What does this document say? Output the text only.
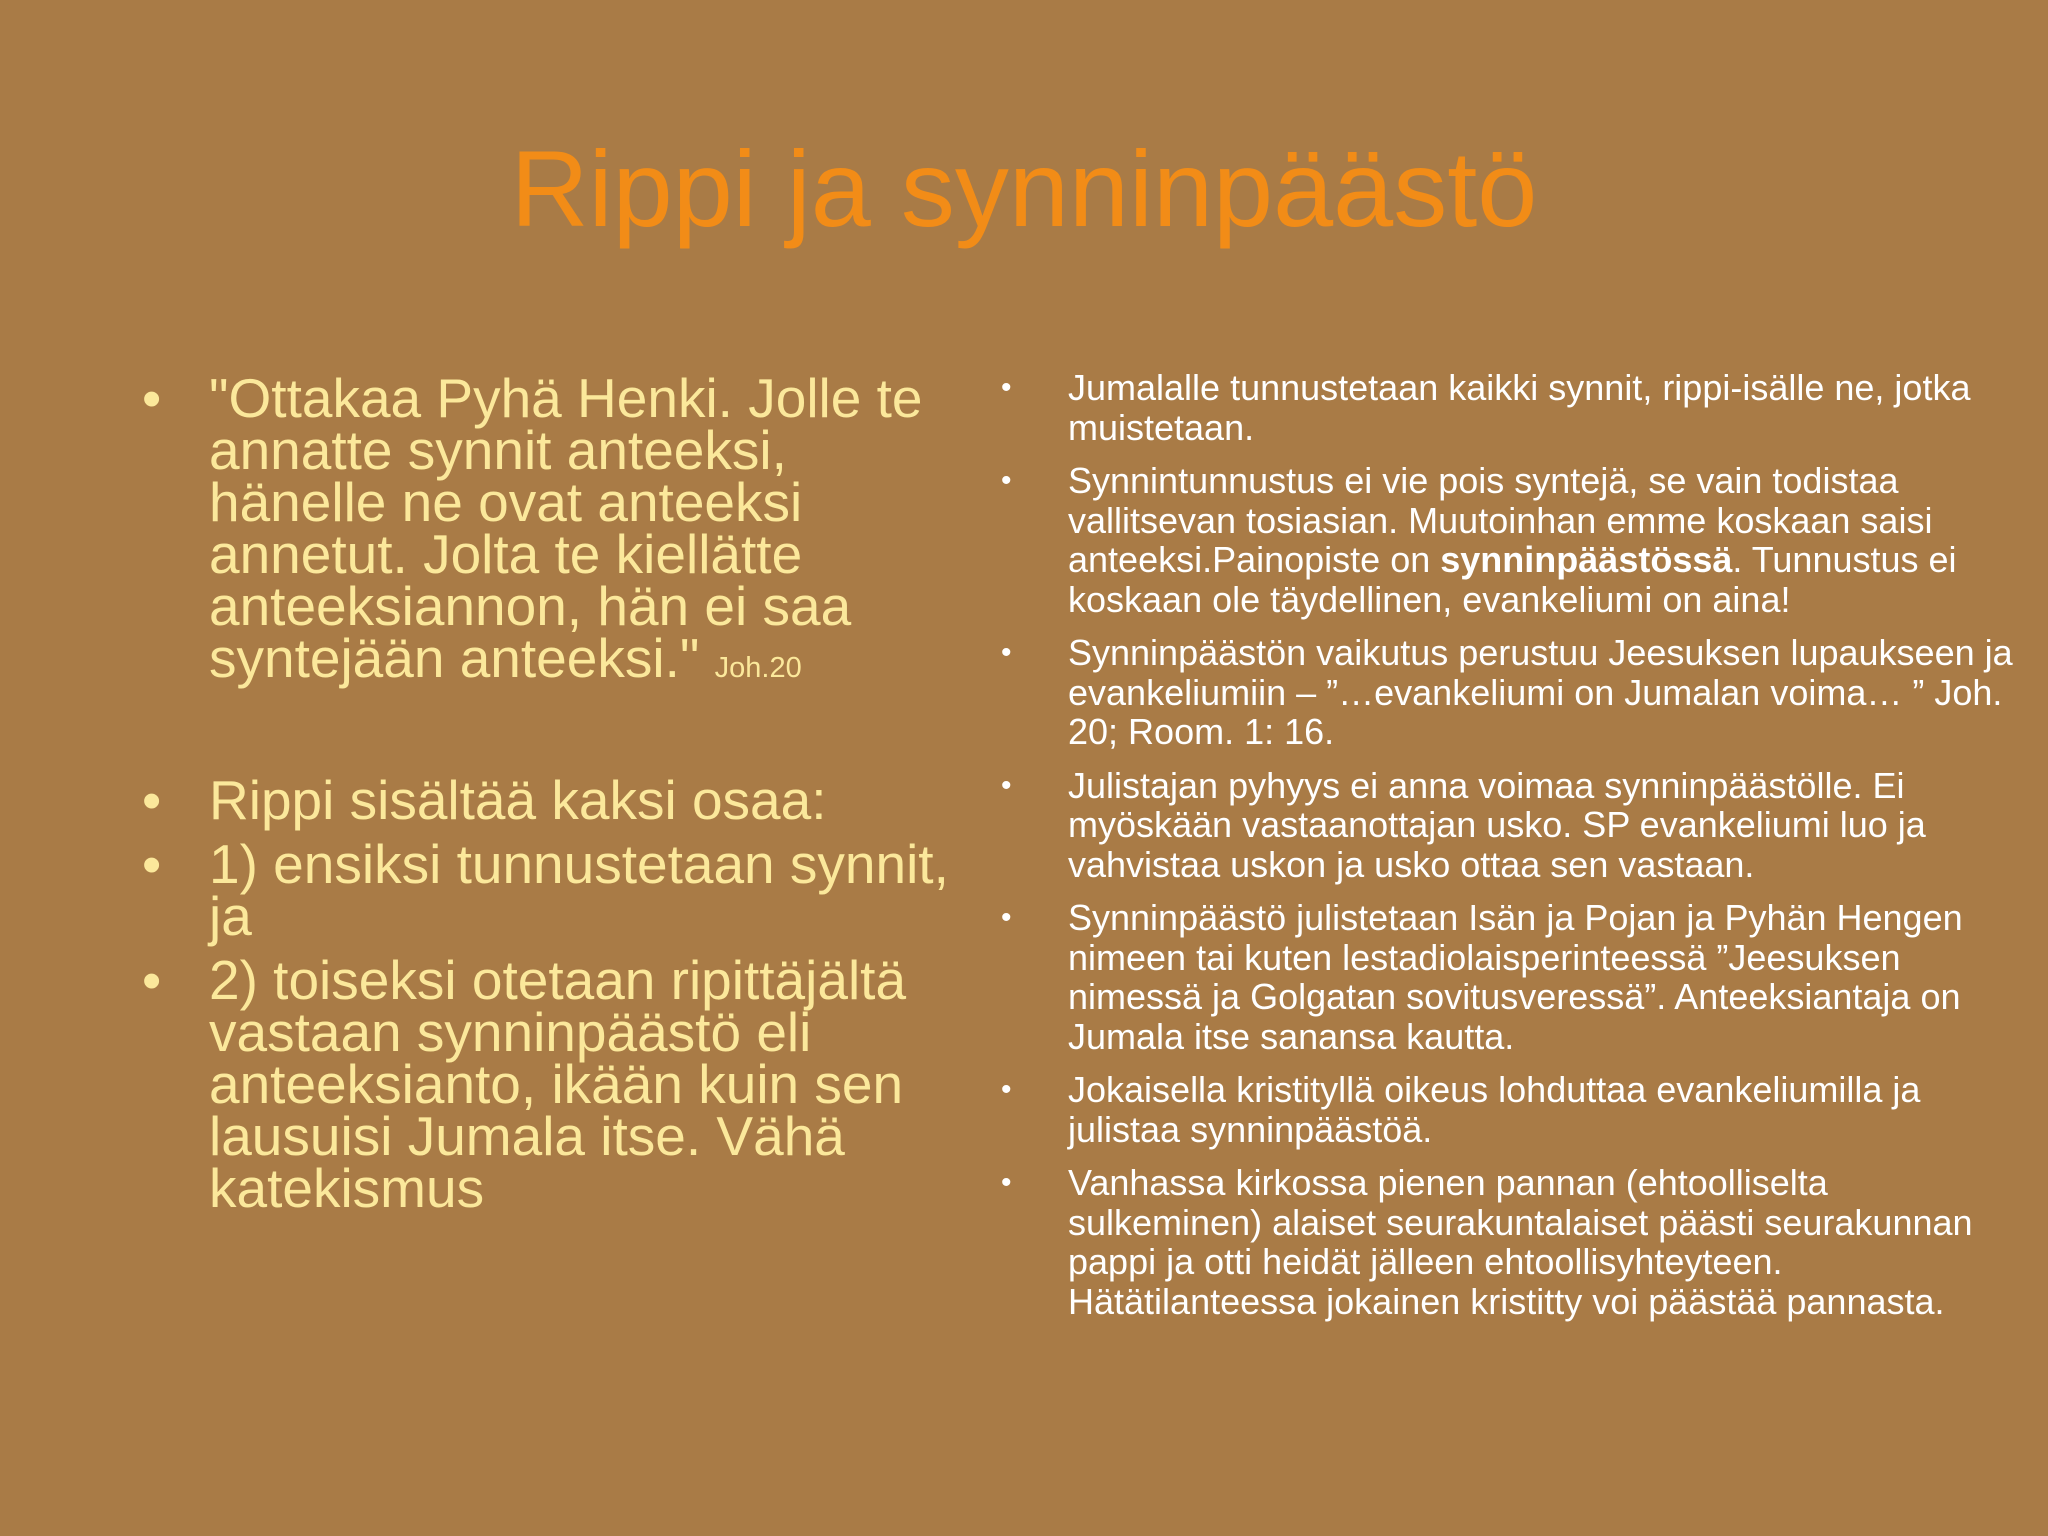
Rippi ja synninpäästö
• "Ottakaa Pyhä Henki. Jolle te annatte synnit anteeksi, hänelle ne ovat anteeksi annetut. Jolta te kiellätte anteeksiannon, hän ei saa syntejään anteeksi." Joh.20
• Rippi sisältää kaksi osaa:
• 1) ensiksi tunnustetaan synnit, ja
• 2) toiseksi otetaan ripittäjältä vastaan synninpäästö eli anteeksianto, ikään kuin sen lausuisi Jumala itse. Vähä katekismus
• Jumalalle tunnustetaan kaikki synnit, rippi-isälle ne, jotka muistetaan.
• Synnintunnustus ei vie pois syntejä, se vain todistaa vallitsevan tosiasian. Muutoinhan emme koskaan saisi anteeksi.Painopiste on synninpäästössä. Tunnustus ei koskaan ole täydellinen, evankeliumi on aina!
• Synninpäästön vaikutus perustuu Jeesuksen lupaukseen ja evankeliumiin – ”…evankeliumi on Jumalan voima… ” Joh. 20; Room. 1: 16.
• Julistajan pyhyys ei anna voimaa synninpäästölle. Ei myöskään vastaanottajan usko. SP evankeliumi luo ja vahvistaa uskon ja usko ottaa sen vastaan.
• Synninpäästö julistetaan Isän ja Pojan ja Pyhän Hengen nimeen tai kuten lestadiolaisperinteessä ”Jeesuksen nimessä ja Golgatan sovitusveressä”. Anteeksiantaja on Jumala itse sanansa kautta.
• Jokaisella kristityllä oikeus lohduttaa evankeliumilla ja julistaa synninpäästöä.
• Vanhassa kirkossa pienen pannan (ehtoolliselta sulkeminen) alaiset seurakuntalaiset päästi seurakunnan pappi ja otti heidät jälleen ehtoollisyhteyteen. Hätätilanteessa jokainen kristitty voi päästää pannasta.
